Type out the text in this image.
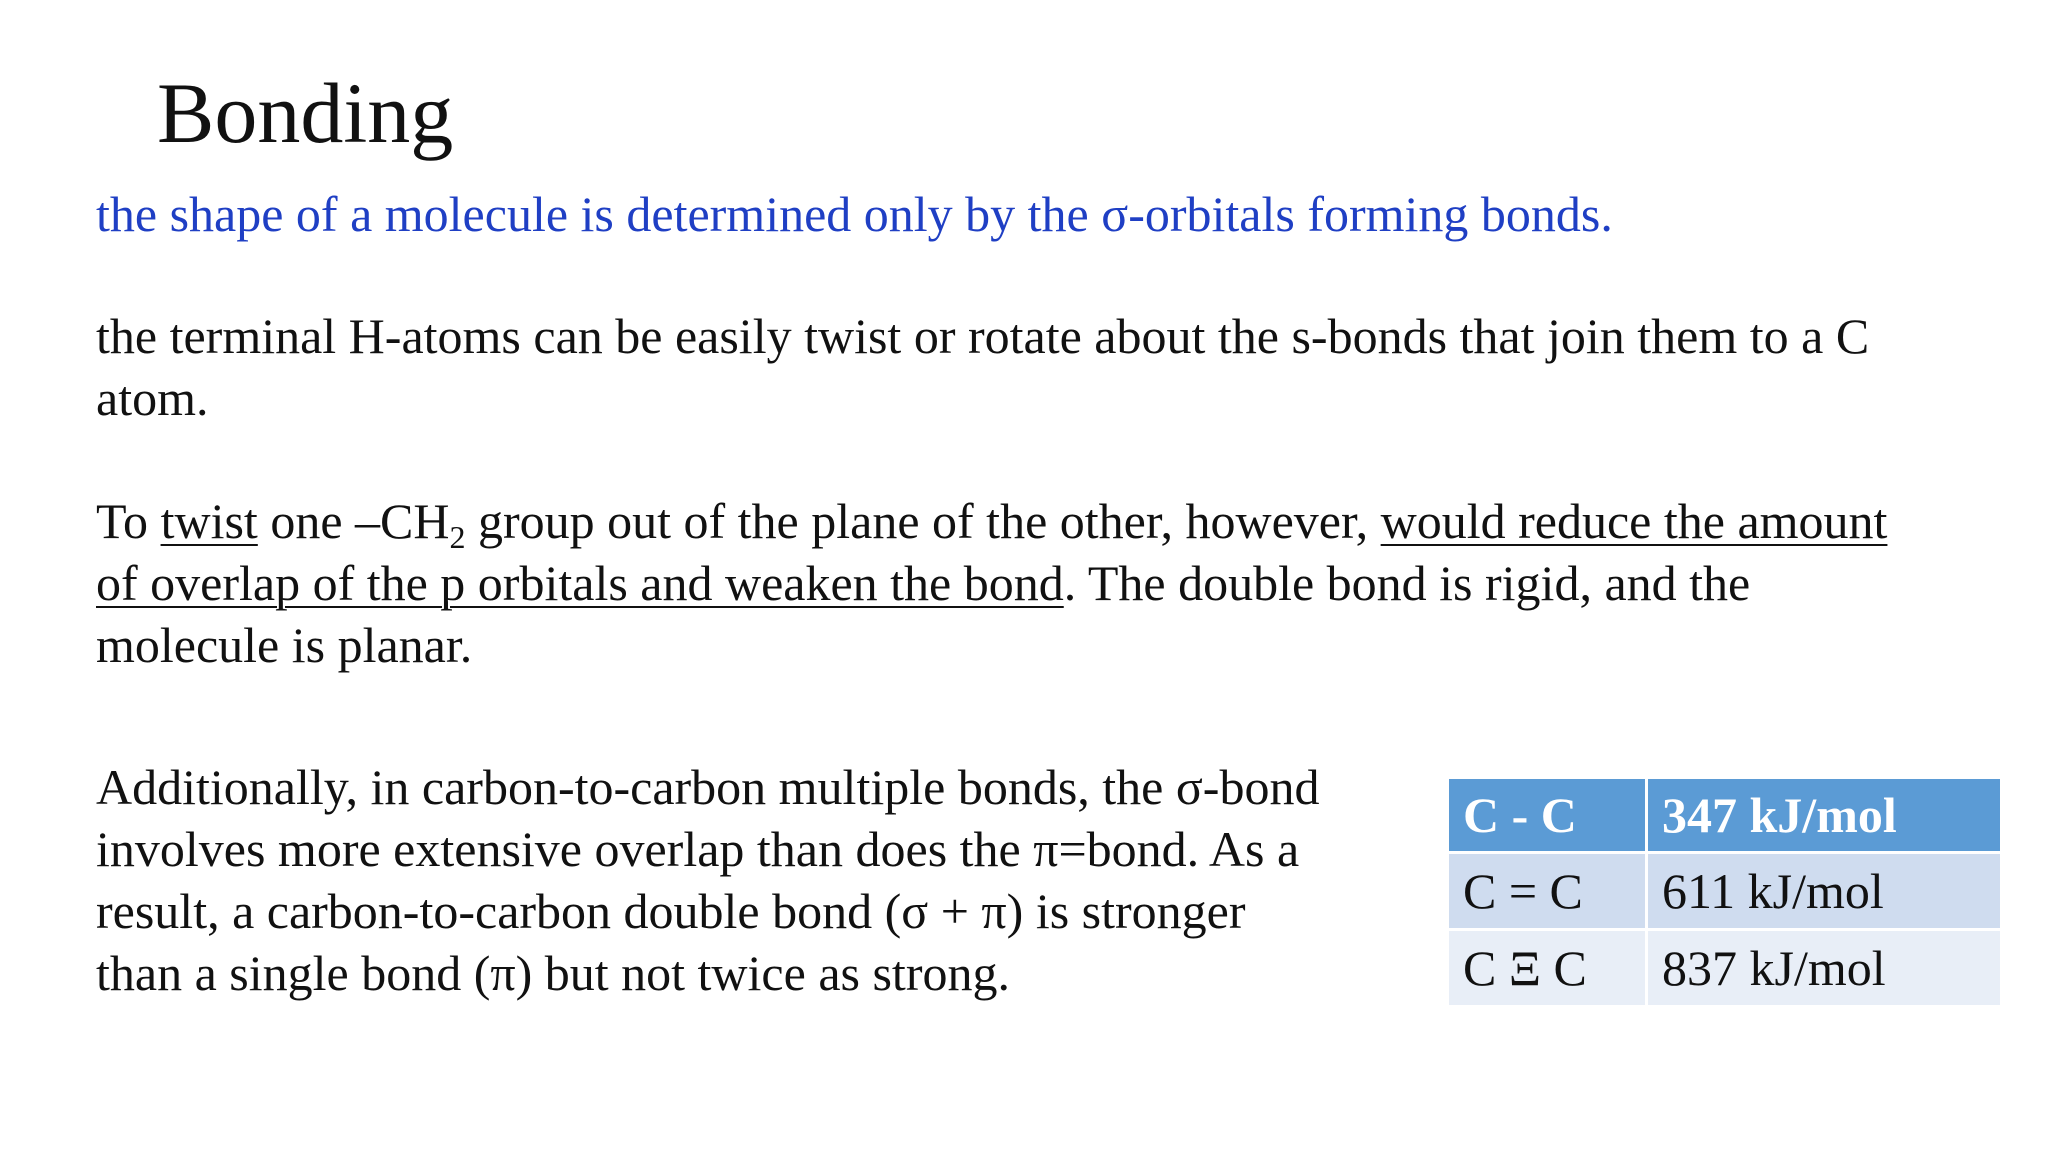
Bonding

the shape of a molecule is determined only by the σ-orbitals forming bonds.

the terminal H-atoms can be easily twist or rotate about the s-bonds that join them to a C atom.

To twist one $-CH_2$ group out of the plane of the other, however, would reduce the amount of overlap of the p orbitals and weaken the bond. The double bond is rigid, and the molecule is planar.

Additionally, in carbon-to-carbon multiple bonds, the σ-bond involves more extensive overlap than does the π=bond. As a result, a carbon-to-carbon double bond (σ + π) is stronger than a single bond (π) but not twice as strong.

C - C	347 kJ/mol
C = C	611 kJ/mol
C Ξ C	837 kJ/mol
